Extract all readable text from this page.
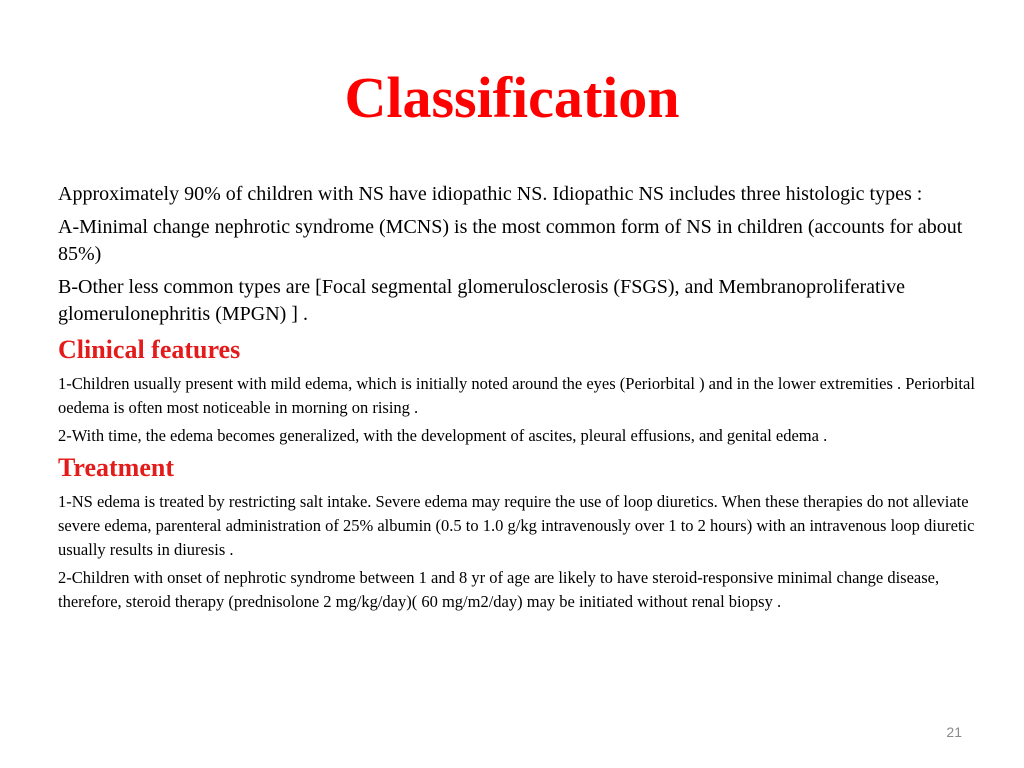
Classification

Approximately 90% of children with NS have idiopathic NS. Idiopathic NS includes three histologic types :

A-Minimal change nephrotic syndrome (MCNS) is the most common form of NS in children (accounts for about 85%)

B-Other less common types are [Focal segmental glomerulosclerosis (FSGS), and Membranoproliferative glomerulonephritis (MPGN) ] .

Clinical features

1-Children usually present with mild edema, which is initially noted around the eyes (Periorbital ) and in the lower extremities . Periorbital oedema is often most noticeable in morning on rising .

2-With time, the edema becomes generalized, with the development of ascites, pleural effusions, and genital edema .

Treatment

1-NS edema is treated by restricting salt intake. Severe edema may require the use of loop diuretics. When these therapies do not alleviate severe edema, parenteral administration of 25% albumin (0.5 to 1.0 g/kg intravenously over 1 to 2 hours) with an intravenous loop diuretic usually results in diuresis .

2-Children with onset of nephrotic syndrome between 1 and 8 yr of age are likely to have steroid-responsive minimal change disease, therefore, steroid therapy (prednisolone 2 mg/kg/day)( 60 mg/m2/day) may be initiated without renal biopsy .

21
